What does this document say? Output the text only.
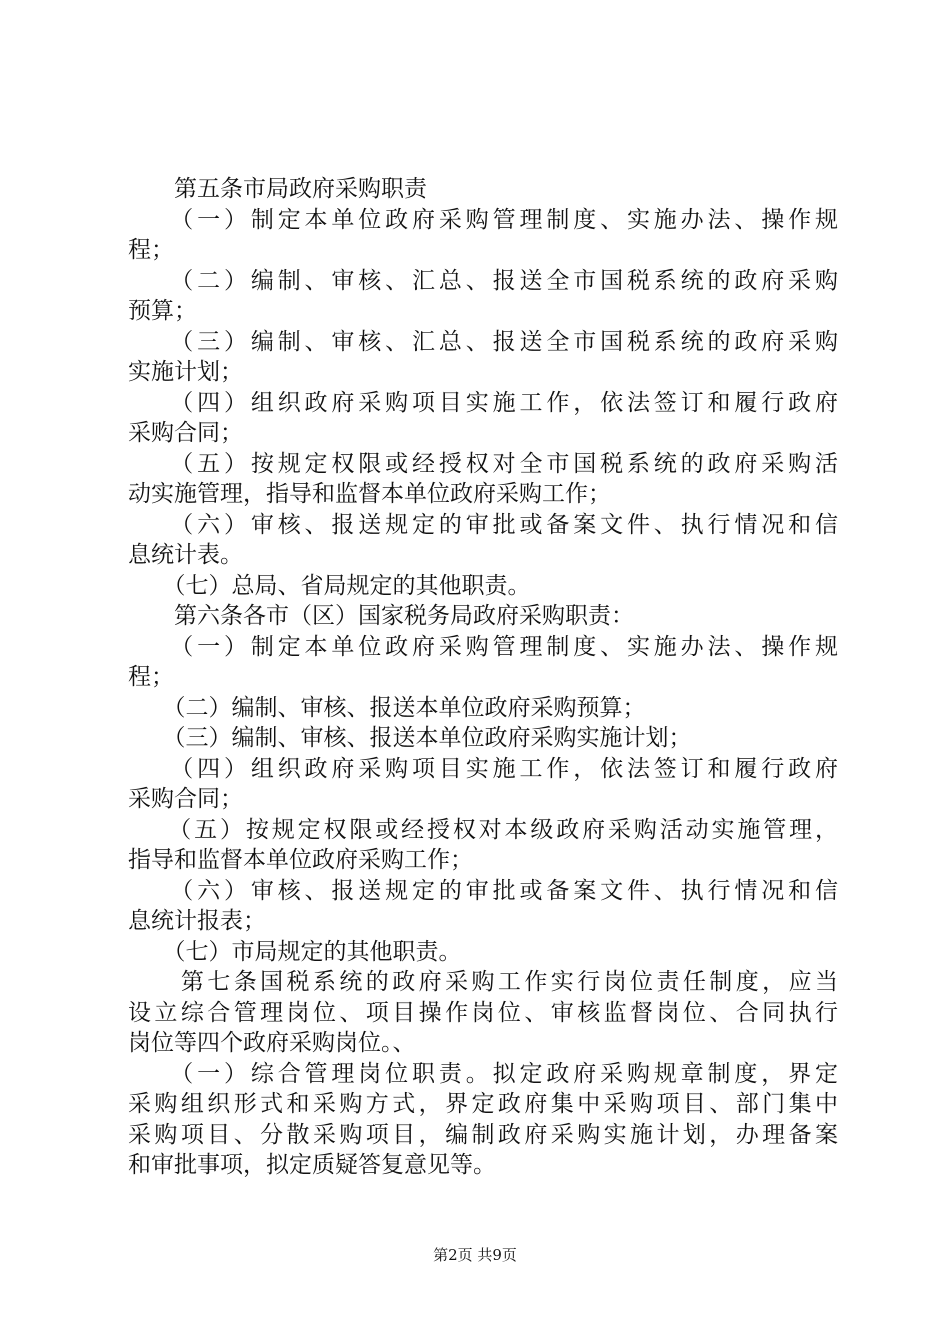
　　第五条市局政府采购职责
　　（一）制定本单位政府采购管理制度、实施办法、操作规
程；
　　（二）编制、审核、汇总、报送全市国税系统的政府采购
预算；
　　（三）编制、审核、汇总、报送全市国税系统的政府采购
实施计划；
　　（四）组织政府采购项目实施工作，依法签订和履行政府
采购合同；
　　（五）按规定权限或经授权对全市国税系统的政府采购活
动实施管理，指导和监督本单位政府采购工作；
　　（六）审核、报送规定的审批或备案文件、执行情况和信
息统计表。
　　（七）总局、省局规定的其他职责。
　　第六条各市（区）国家税务局政府采购职责：
　　（一）制定本单位政府采购管理制度、实施办法、操作规
程；
　　（二）编制、审核、报送本单位政府采购预算；
　　（三）编制、审核、报送本单位政府采购实施计划；
　　（四）组织政府采购项目实施工作，依法签订和履行政府
采购合同；
　　（五）按规定权限或经授权对本级政府采购活动实施管理，
指导和监督本单位政府采购工作；
　　（六）审核、报送规定的审批或备案文件、执行情况和信
息统计报表；
　　（七）市局规定的其他职责。
　　第七条国税系统的政府采购工作实行岗位责任制度，应当
设立综合管理岗位、项目操作岗位、审核监督岗位、合同执行
岗位等四个政府采购岗位。、
　　（一）综合管理岗位职责。拟定政府采购规章制度，界定
采购组织形式和采购方式，界定政府集中采购项目、部门集中
采购项目、分散采购项目，编制政府采购实施计划，办理备案
和审批事项，拟定质疑答复意见等。
第2页 共9页
